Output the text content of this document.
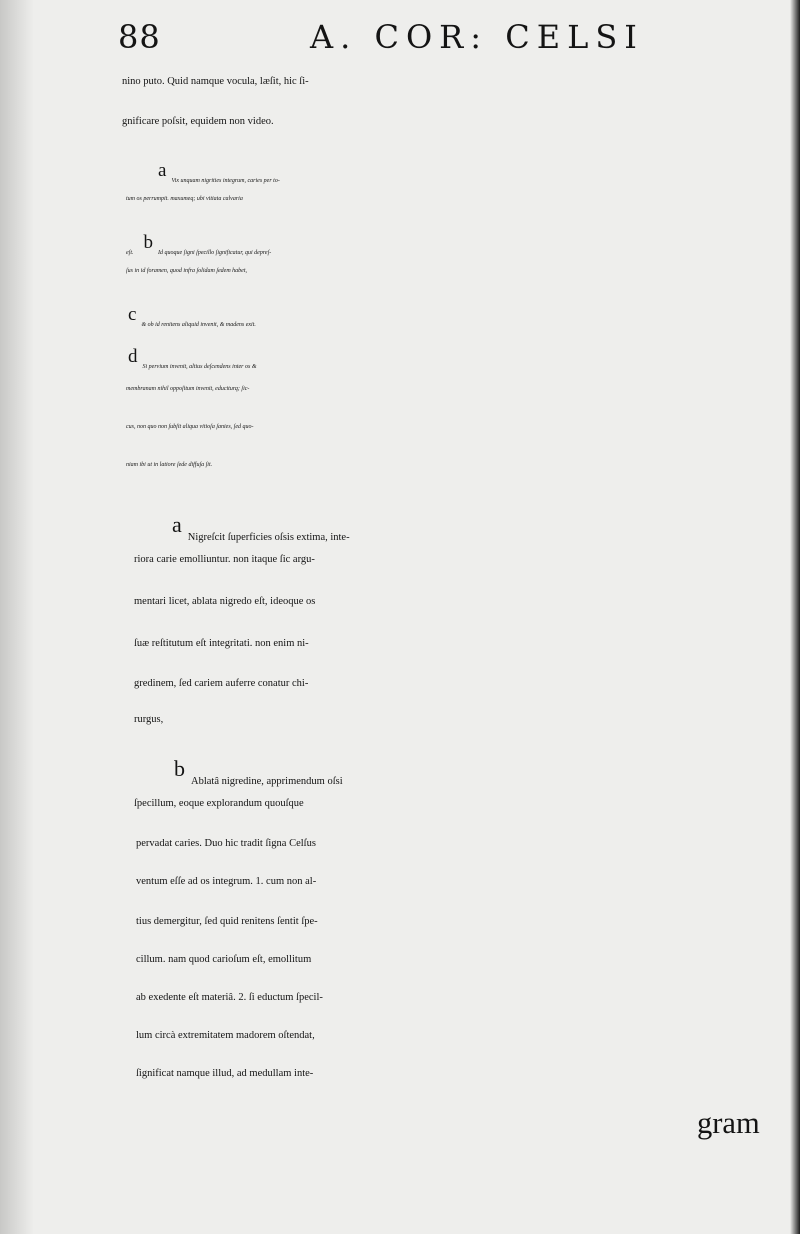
88	A. COR: CELSI
nino puto. Quid namque vocula, læſit, hic ſi-
gnificare poſsit, equidem non video.
a Vix unquam nigrities integrum, caries per to-
tum os perrumpit. maxumeq; ubi vitiata calvaria
eſt. b Id quoque ſigni ſpecillo ſignificatur, qui depreſ-
ſus in id foramen, quod infra ſolidam ſedem habet,
c & ob id renitens aliquid invenit, & madens exit.
d Si pervium invenit, altius deſcendens inter os &
membranam nihil oppoſitum invenit, educiturq; ſic-
cus, non quo non ſubſit aliqua vitioſa ſanies, ſed quo-
niam ibi ut in latiore ſede diffuſa ſit.
aNigreſcit ſuperficies oſsis extima, inte-
riora carie emolliuntur. non itaque ſic argu-
mentari licet, ablata nigredo eſt, ideoque os
ſuæ reſtitutum eſt integritati. non enim ni-
gredinem, ſed cariem auferre conatur chi-
rurgus,
bAblatâ nigredine, apprimendum oſsi
ſpecillum, eoque explorandum quouſque
pervadat caries. Duo hic tradit ſigna Celſus
ventum eſſe ad os integrum. 1. cum non al-
tius demergitur, ſed quid renitens ſentit ſpe-
cillum. nam quod carioſum eſt, emollitum
ab exedente eſt materiâ. 2. ſi eductum ſpecil-
lum circà extremitatem madorem oſtendat,
ſignificat namque illud, ad medullam inte-
gram
